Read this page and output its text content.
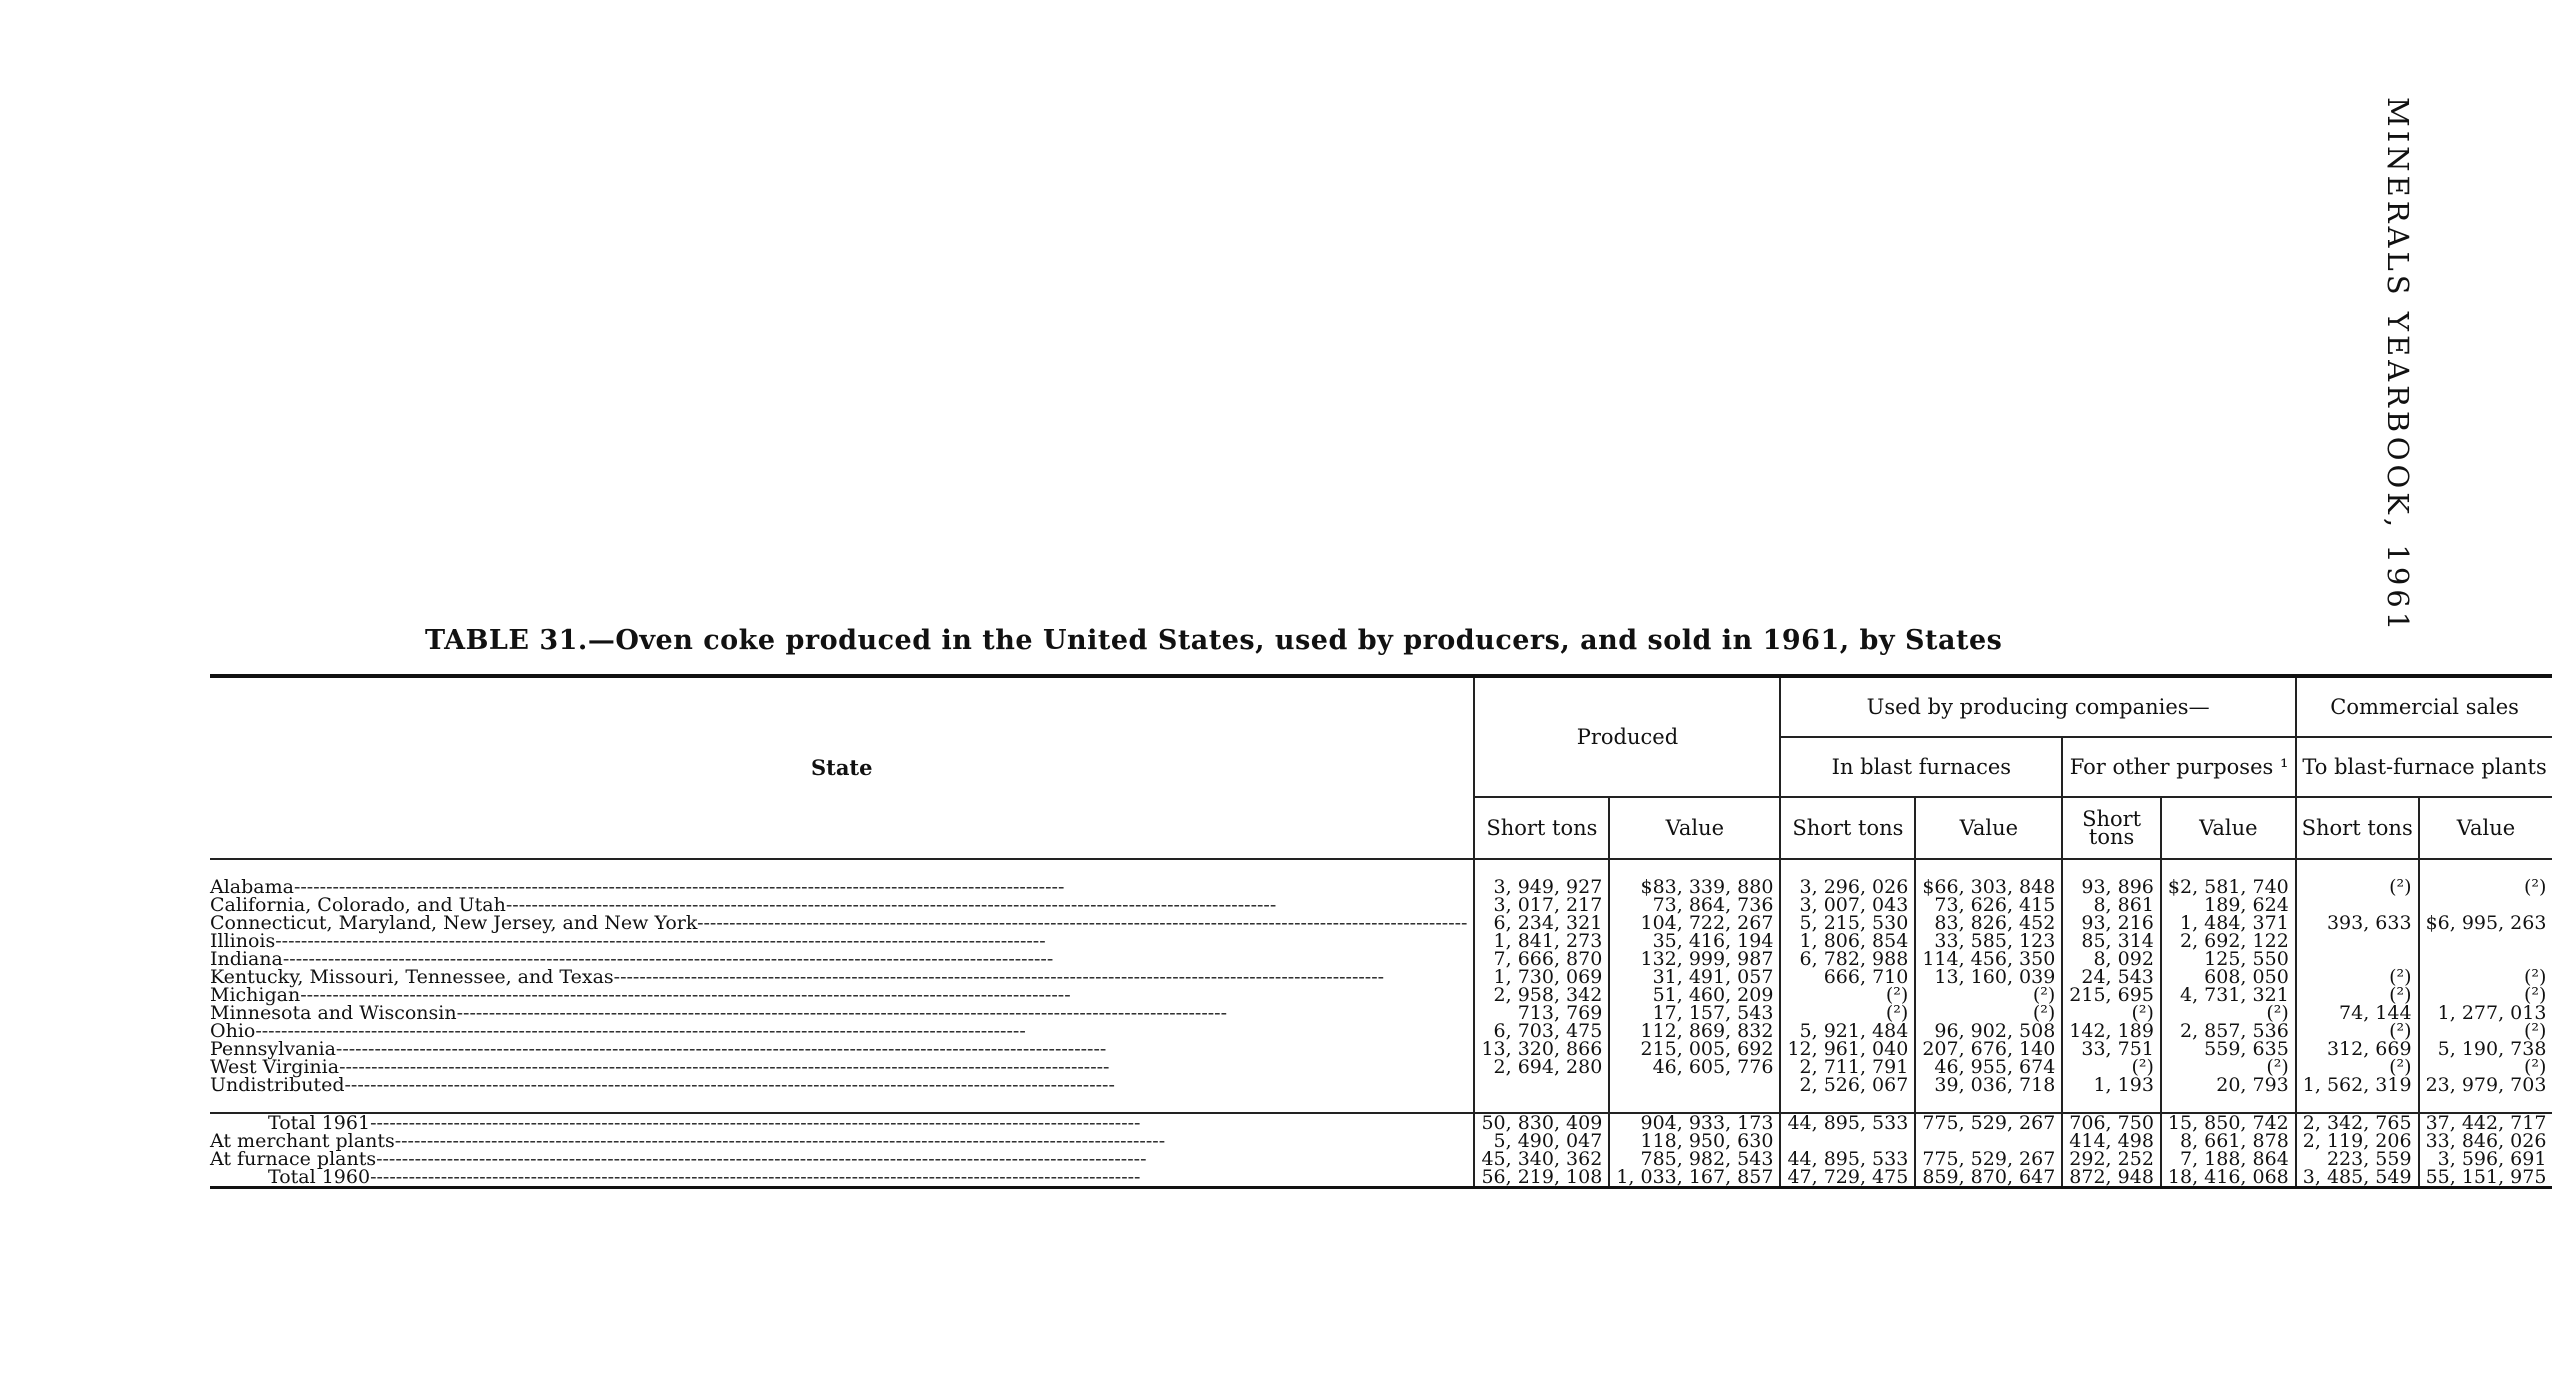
MINERALS YEARBOOK, 1961
TABLE 31.—Oven coke produced in the United States, used by producers, and sold in 1961, by States
State	Produced		Used by producing companies—				Commercial sales	
			In blast furnaces		For other purposes ¹		To blast-furnace plants	
	Short tons	Value	Short tons	Value	Short tons	Value	Short tons	Value

Alabama------------------------------------------------------------------------------------------------------------------------	3, 949, 927	$83, 339, 880	3, 296, 026	$66, 303, 848	93, 896	$2, 581, 740	(²)	(²)
California, Colorado, and Utah------------------------------------------------------------------------------------------------------------------------	3, 017, 217	73, 864, 736	3, 007, 043	73, 626, 415	8, 861	189, 624		
Connecticut, Maryland, New Jersey, and New York------------------------------------------------------------------------------------------------------------------------	6, 234, 321	104, 722, 267	5, 215, 530	83, 826, 452	93, 216	1, 484, 371	393, 633	$6, 995, 263
Illinois------------------------------------------------------------------------------------------------------------------------	1, 841, 273	35, 416, 194	1, 806, 854	33, 585, 123	85, 314	2, 692, 122		
Indiana------------------------------------------------------------------------------------------------------------------------	7, 666, 870	132, 999, 987	6, 782, 988	114, 456, 350	8, 092	125, 550		
Kentucky, Missouri, Tennessee, and Texas------------------------------------------------------------------------------------------------------------------------	1, 730, 069	31, 491, 057	666, 710	13, 160, 039	24, 543	608, 050	(²)	(²)
Michigan------------------------------------------------------------------------------------------------------------------------	2, 958, 342	51, 460, 209	(²)	(²)	215, 695	4, 731, 321	(²)	(²)
Minnesota and Wisconsin------------------------------------------------------------------------------------------------------------------------	713, 769	17, 157, 543	(²)	(²)	(²)	(²)	74, 144	1, 277, 013
Ohio------------------------------------------------------------------------------------------------------------------------	6, 703, 475	112, 869, 832	5, 921, 484	96, 902, 508	142, 189	2, 857, 536	(²)	(²)
Pennsylvania------------------------------------------------------------------------------------------------------------------------	13, 320, 866	215, 005, 692	12, 961, 040	207, 676, 140	33, 751	559, 635	312, 669	5, 190, 738
West Virginia------------------------------------------------------------------------------------------------------------------------	2, 694, 280	46, 605, 776	2, 711, 791	46, 955, 674	(²)	(²)	(²)	(²)
Undistributed------------------------------------------------------------------------------------------------------------------------			2, 526, 067	39, 036, 718	1, 193	20, 793	1, 562, 319	23, 979, 703

Total 1961------------------------------------------------------------------------------------------------------------------------	50, 830, 409	904, 933, 173	44, 895, 533	775, 529, 267	706, 750	15, 850, 742	2, 342, 765	37, 442, 717
At merchant plants------------------------------------------------------------------------------------------------------------------------	5, 490, 047	118, 950, 630			414, 498	8, 661, 878	2, 119, 206	33, 846, 026
At furnace plants------------------------------------------------------------------------------------------------------------------------	45, 340, 362	785, 982, 543	44, 895, 533	775, 529, 267	292, 252	7, 188, 864	223, 559	3, 596, 691
Total 1960------------------------------------------------------------------------------------------------------------------------	56, 219, 108	1, 033, 167, 857	47, 729, 475	859, 870, 647	872, 948	18, 416, 068	3, 485, 549	55, 151, 975
